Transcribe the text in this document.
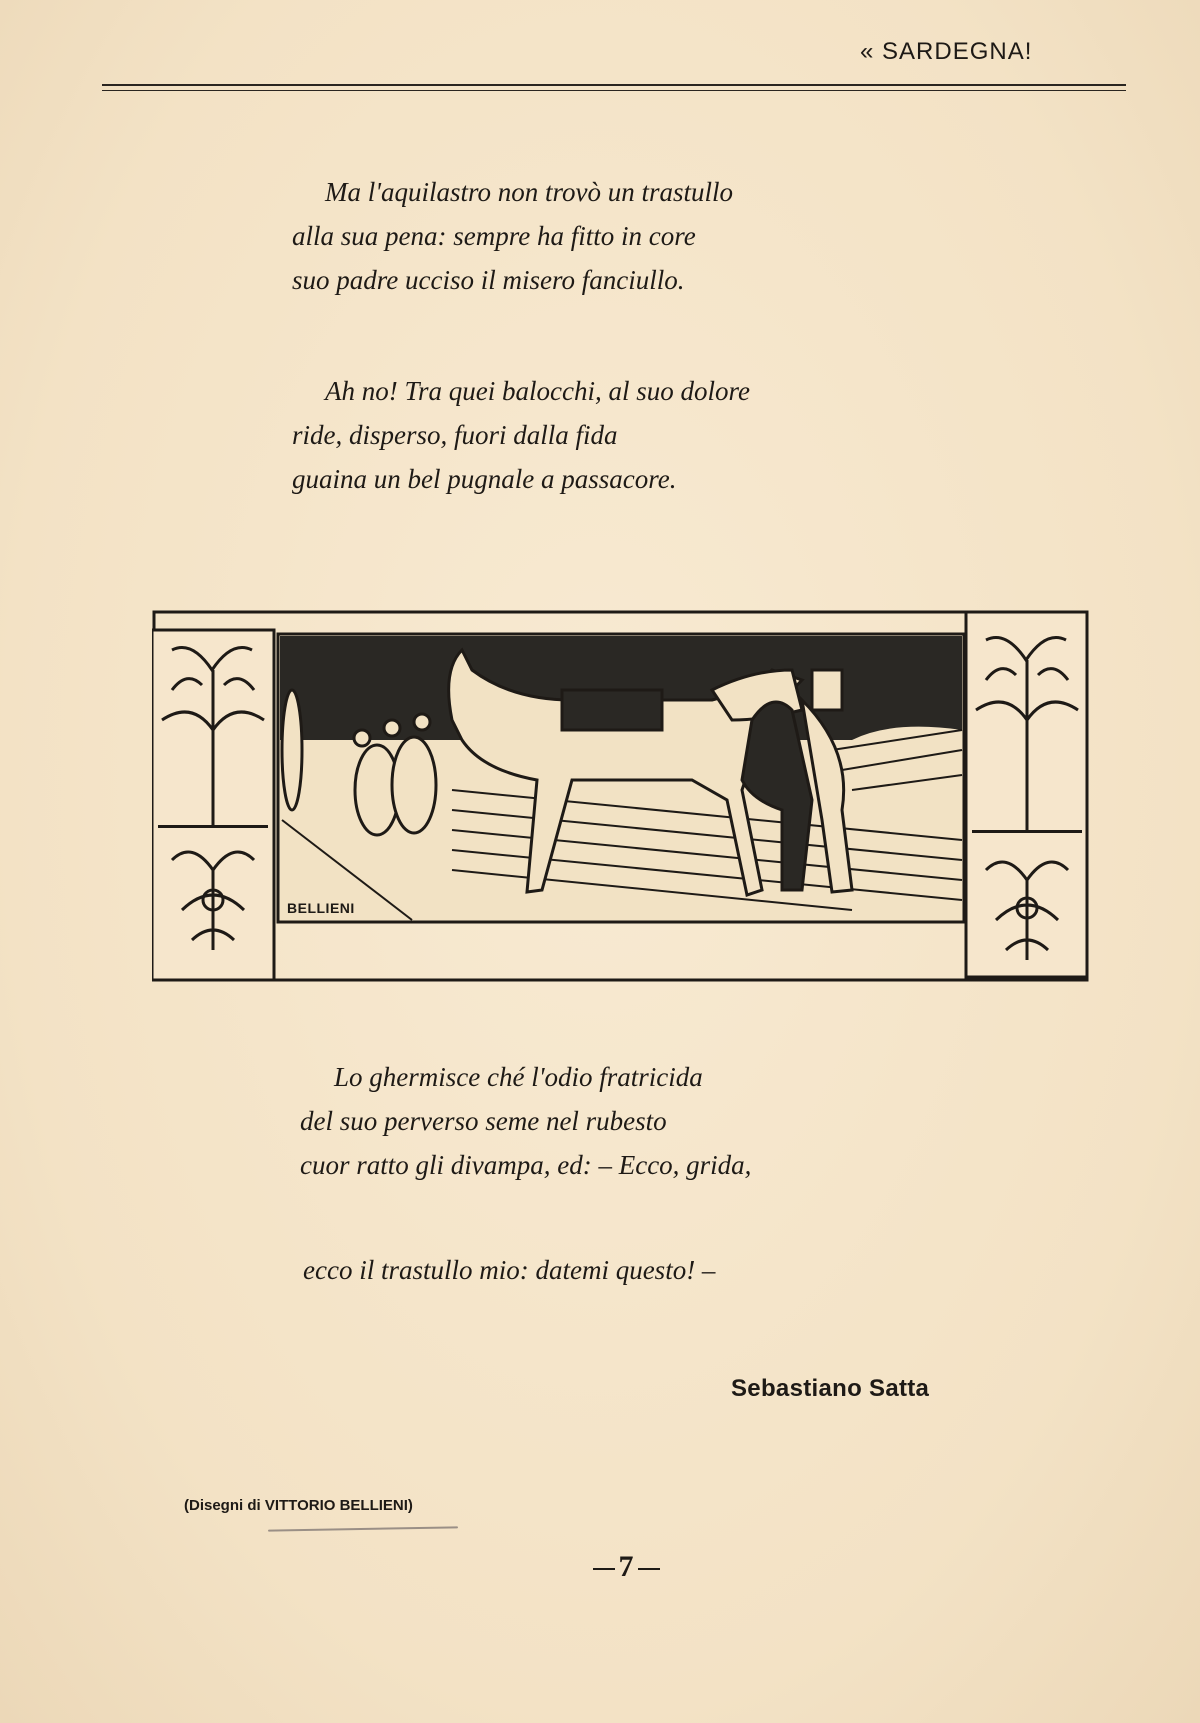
« SARDEGNA!
Ma l'aquilastro non trovò un trastullo
alla sua pena: sempre ha fitto in core
suo padre ucciso il misero fanciullo.
Ah no! Tra quei balocchi, al suo dolore
ride, disperso, fuori dalla fida
guaina un bel pugnale a passacore.
BELLIENI
Lo ghermisce ché l'odio fratricida
del suo perverso seme nel rubesto
cuor ratto gli divampa, ed: – Ecco, grida,
ecco il trastullo mio: datemi questo! –
Sebastiano Satta
(Disegni di VITTORIO BELLIENI)
7
